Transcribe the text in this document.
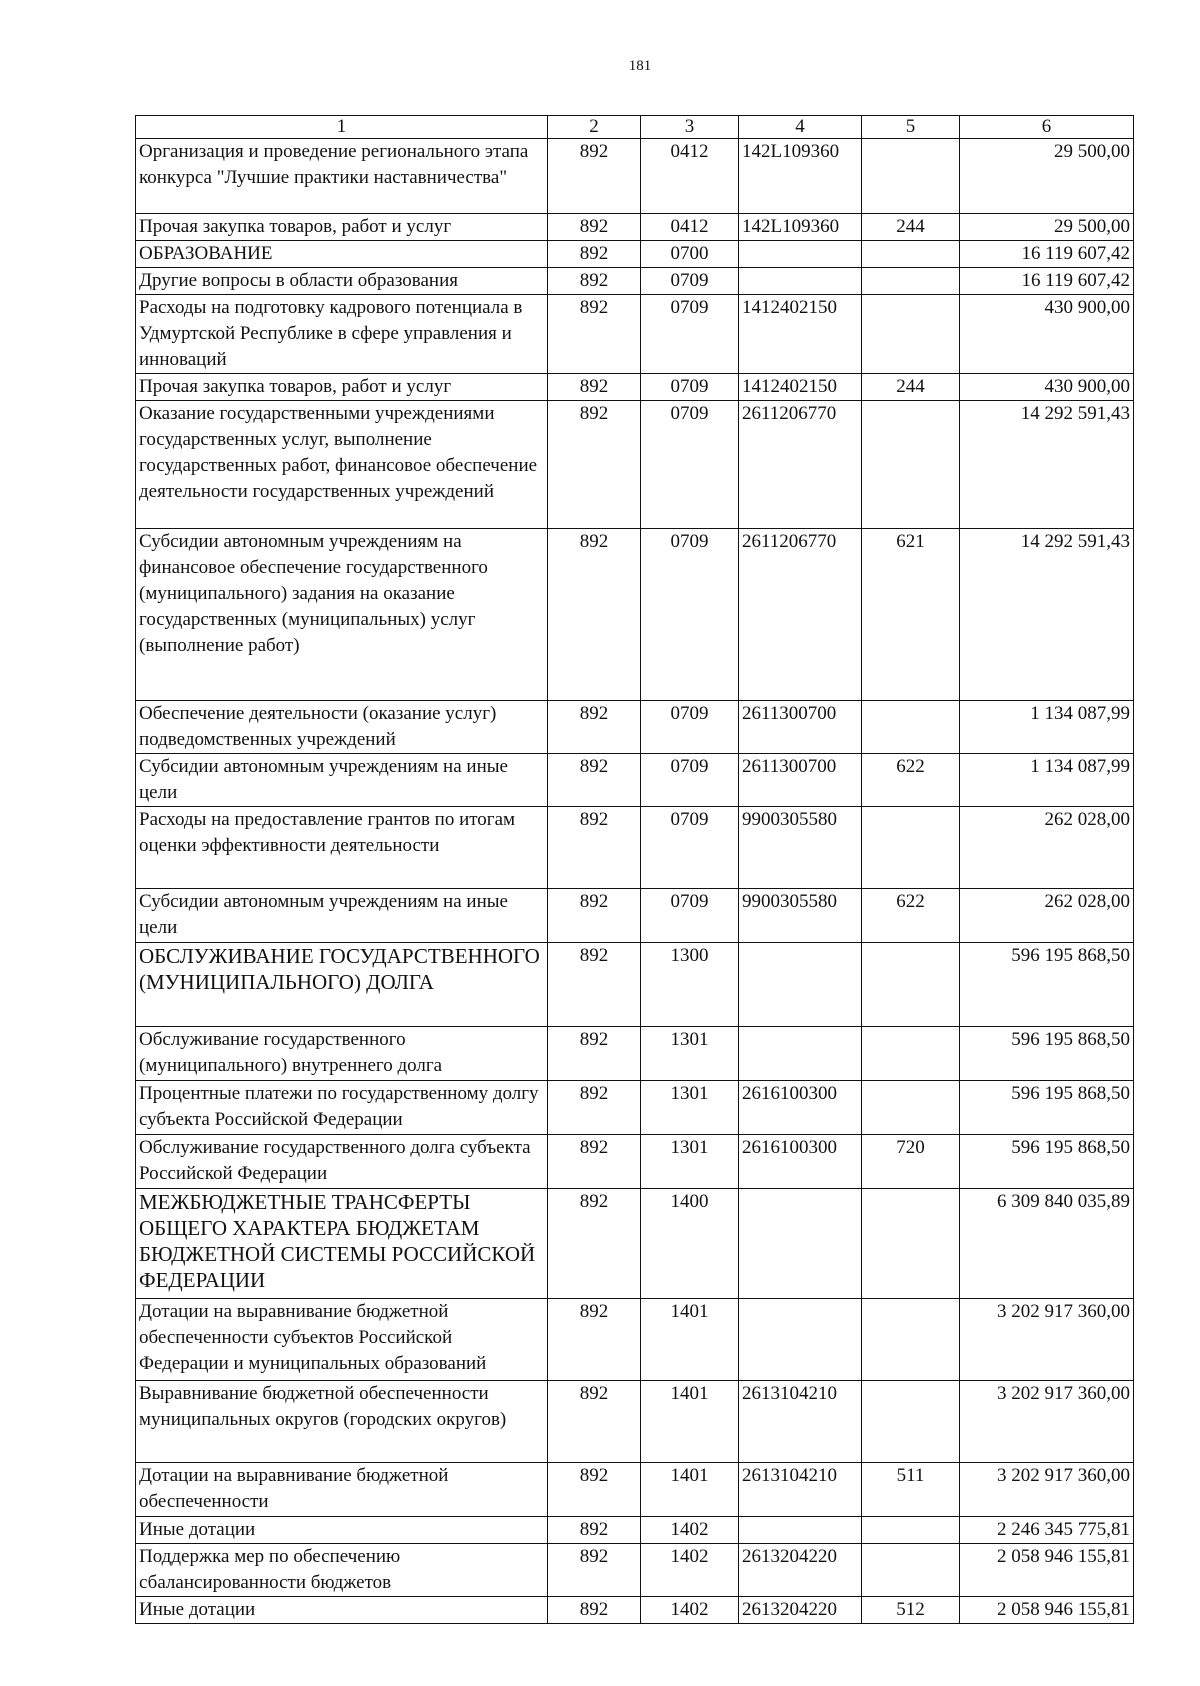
181
1	2	3	4	5	6
Организация и проведение регионального этапа конкурса "Лучшие практики наставничества"	892	0412	142L109360		29 500,00
Прочая закупка товаров, работ и услуг	892	0412	142L109360	244	29 500,00
ОБРАЗОВАНИЕ	892	0700			16 119 607,42
Другие вопросы в области образования	892	0709			16 119 607,42
Расходы на подготовку кадрового потенциала в Удмуртской Республике в сфере управления и инноваций	892	0709	1412402150		430 900,00
Прочая закупка товаров, работ и услуг	892	0709	1412402150	244	430 900,00
Оказание государственными учреждениями государственных услуг, выполнение государственных работ, финансовое обеспечение деятельности государственных учреждений	892	0709	2611206770		14 292 591,43
Субсидии автономным учреждениям на финансовое обеспечение государственного (муниципального) задания на оказание государственных (муниципальных) услуг (выполнение работ)	892	0709	2611206770	621	14 292 591,43
Обеспечение деятельности (оказание услуг) подведомственных учреждений	892	0709	2611300700		1 134 087,99
Субсидии автономным учреждениям на иные цели	892	0709	2611300700	622	1 134 087,99
Расходы на предоставление грантов по итогам оценки эффективности деятельности	892	0709	9900305580		262 028,00
Субсидии автономным учреждениям на иные цели	892	0709	9900305580	622	262 028,00
ОБСЛУЖИВАНИЕ ГОСУДАРСТВЕННОГО (МУНИЦИПАЛЬНОГО) ДОЛГА	892	1300			596 195 868,50
Обслуживание государственного (муниципального) внутреннего долга	892	1301			596 195 868,50
Процентные платежи по государственному долгу субъекта Российской Федерации	892	1301	2616100300		596 195 868,50
Обслуживание государственного долга субъекта Российской Федерации	892	1301	2616100300	720	596 195 868,50
МЕЖБЮДЖЕТНЫЕ ТРАНСФЕРТЫ ОБЩЕГО ХАРАКТЕРА БЮДЖЕТАМ БЮДЖЕТНОЙ СИСТЕМЫ РОССИЙСКОЙ ФЕДЕРАЦИИ	892	1400			6 309 840 035,89
Дотации на выравнивание бюджетной обеспеченности субъектов Российской Федерации и муниципальных образований	892	1401			3 202 917 360,00
Выравнивание бюджетной обеспеченности муниципальных округов (городских округов)	892	1401	2613104210		3 202 917 360,00
Дотации на выравнивание бюджетной обеспеченности	892	1401	2613104210	511	3 202 917 360,00
Иные дотации	892	1402			2 246 345 775,81
Поддержка мер по обеспечению сбалансированности бюджетов	892	1402	2613204220		2 058 946 155,81
Иные дотации	892	1402	2613204220	512	2 058 946 155,81
